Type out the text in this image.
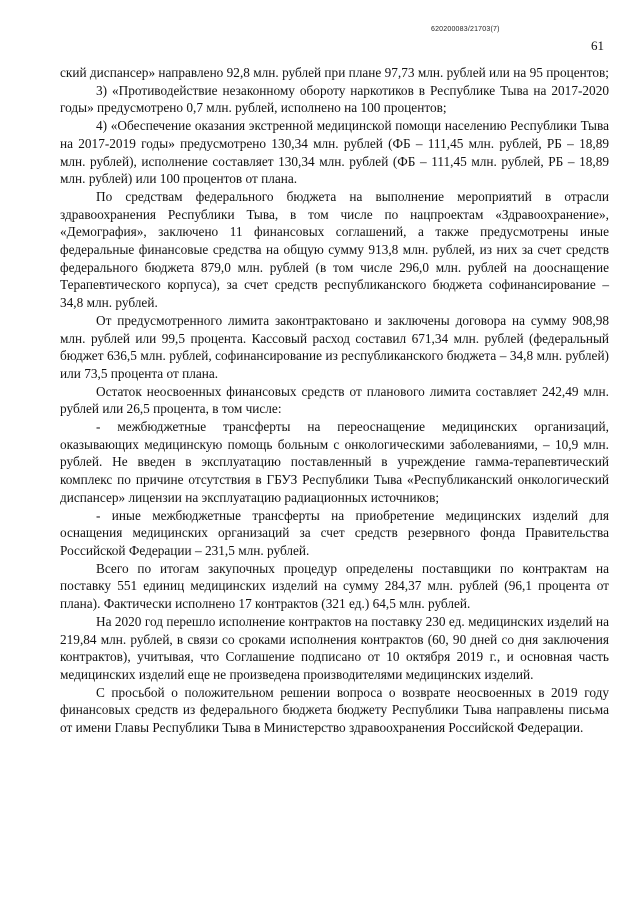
620200083/21703(7)
61

ский диспансер» направлено 92,8 млн. рублей при плане 97,73 млн. рублей или на 95 процентов;

3) «Противодействие незаконному обороту наркотиков в Республике Тыва на 2017-2020 годы» предусмотрено 0,7 млн. рублей, исполнено на 100 процентов;

4) «Обеспечение оказания экстренной медицинской помощи населению Республики Тыва на 2017-2019 годы» предусмотрено 130,34 млн. рублей (ФБ – 111,45 млн. рублей, РБ – 18,89 млн. рублей), исполнение составляет 130,34 млн. рублей (ФБ – 111,45 млн. рублей, РБ – 18,89 млн. рублей) или 100 процентов от плана.

По средствам федерального бюджета на выполнение мероприятий в отрасли здравоохранения Республики Тыва, в том числе по нацпроектам «Здравоохранение», «Демография», заключено 11 финансовых соглашений, а также предусмотрены иные федеральные финансовые средства на общую сумму 913,8 млн. рублей, из них за счет средств федерального бюджета 879,0 млн. рублей (в том числе 296,0 млн. рублей на дооснащение Терапевтического корпуса), за счет средств республиканского бюджета софинансирование – 34,8 млн. рублей.

От предусмотренного лимита законтрактовано и заключены договора на сумму 908,98 млн. рублей или 99,5 процента. Кассовый расход составил 671,34 млн. рублей (федеральный бюджет 636,5 млн. рублей, софинансирование из республиканского бюджета – 34,8 млн. рублей) или 73,5 процента от плана.

Остаток неосвоенных финансовых средств от планового лимита составляет 242,49 млн. рублей или 26,5 процента, в том числе:

- межбюджетные трансферты на переоснащение медицинских организаций, оказывающих медицинскую помощь больным с онкологическими заболеваниями, – 10,9 млн. рублей. Не введен в эксплуатацию поставленный в учреждение гамма-терапевтический комплекс по причине отсутствия в ГБУЗ Республики Тыва «Республиканский онкологический диспансер» лицензии на эксплуатацию радиационных источников;

- иные межбюджетные трансферты на приобретение медицинских изделий для оснащения медицинских организаций за счет средств резервного фонда Правительства Российской Федерации – 231,5 млн. рублей.

Всего по итогам закупочных процедур определены поставщики по контрактам на поставку 551 единиц медицинских изделий на сумму 284,37 млн. рублей (96,1 процента от плана). Фактически исполнено 17 контрактов (321 ед.) 64,5 млн. рублей.

На 2020 год перешло исполнение контрактов на поставку 230 ед. медицинских изделий на 219,84 млн. рублей, в связи со сроками исполнения контрактов (60, 90 дней со дня заключения контрактов), учитывая, что Соглашение подписано от 10 октября 2019 г., и основная часть медицинских изделий еще не произведена производителями медицинских изделий.

С просьбой о положительном решении вопроса о возврате неосвоенных в 2019 году финансовых средств из федерального бюджета бюджету Республики Тыва направлены письма от имени Главы Республики Тыва в Министерство здравоохранения Российской Федерации.
